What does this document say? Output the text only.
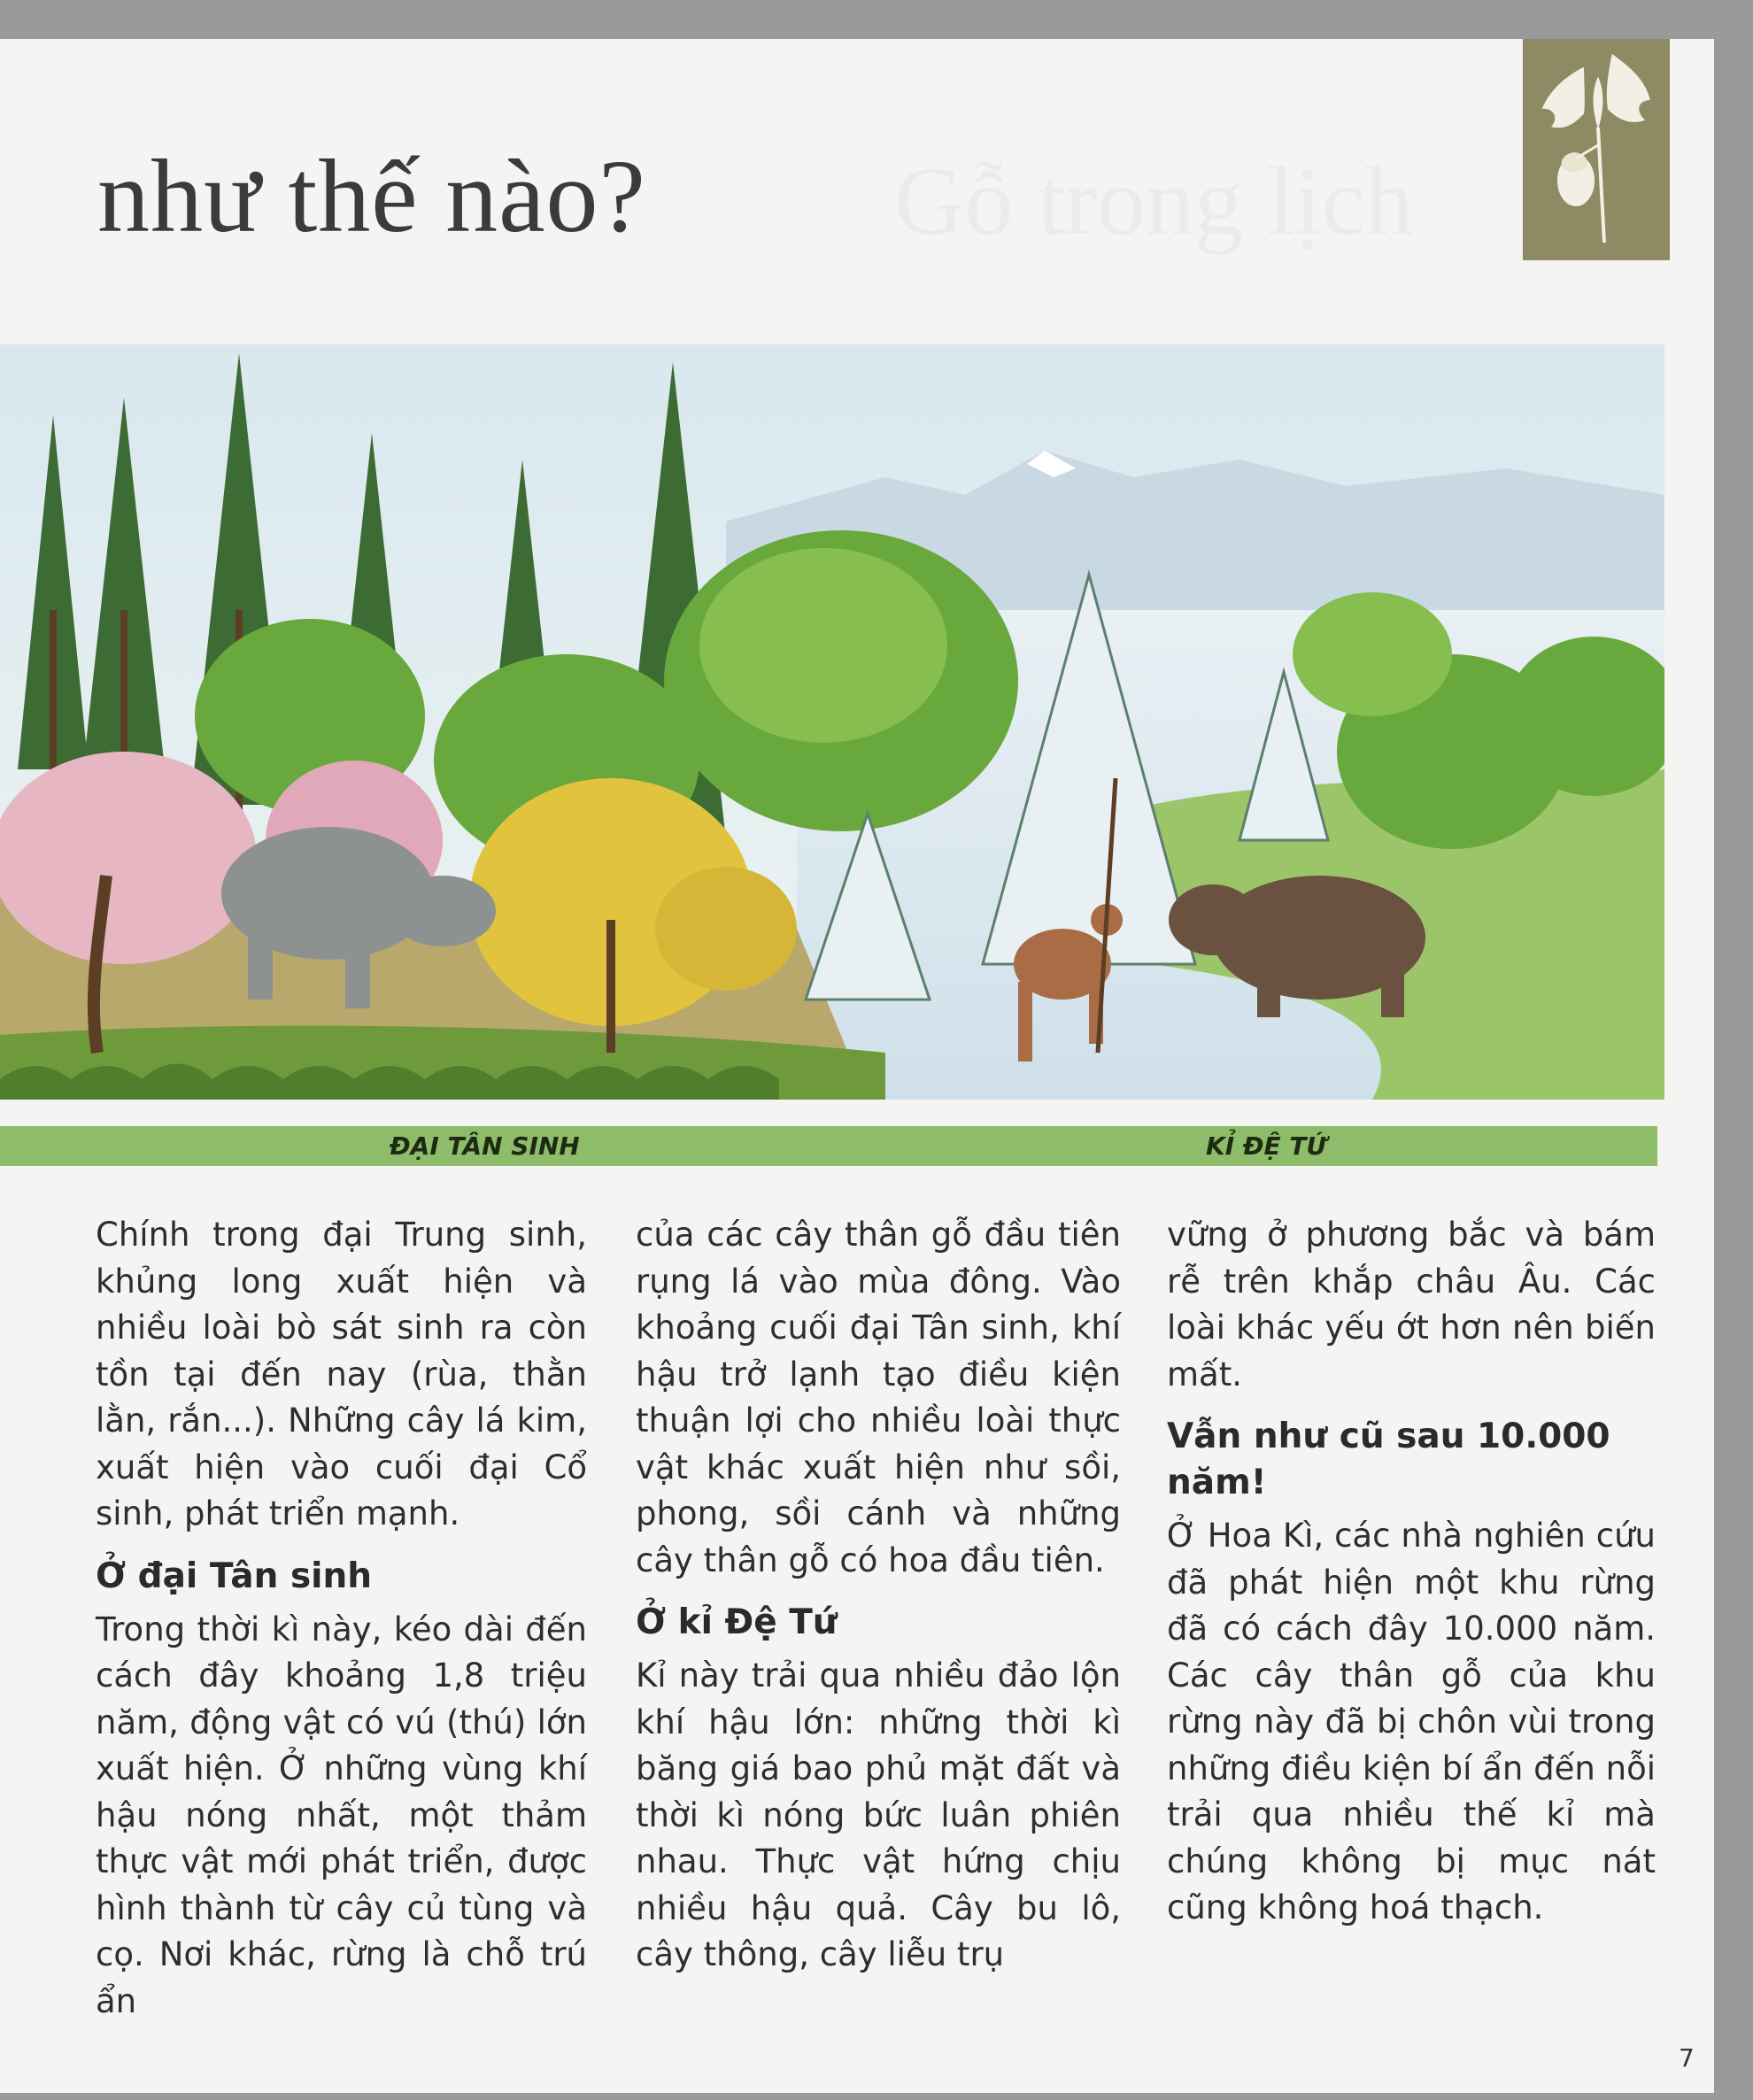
Gỗ trong lịch
như thế nào?
ĐẠI TÂN SINH	KỈ ĐỆ TỨ

Chính trong đại Trung sinh, khủng long xuất hiện và nhiều loài bò sát sinh ra còn tồn tại đến nay (rùa, thằn lằn, rắn...). Những cây lá kim, xuất hiện vào cuối đại Cổ sinh, phát triển mạnh.

Ở đại Tân sinh

Trong thời kì này, kéo dài đến cách đây khoảng 1,8 triệu năm, động vật có vú (thú) lớn xuất hiện. Ở những vùng khí hậu nóng nhất, một thảm thực vật mới phát triển, được hình thành từ cây củ tùng và cọ. Nơi khác, rừng là chỗ trú ẩn

của các cây thân gỗ đầu tiên rụng lá vào mùa đông. Vào khoảng cuối đại Tân sinh, khí hậu trở lạnh tạo điều kiện thuận lợi cho nhiều loài thực vật khác xuất hiện như sồi, phong, sồi cánh và những cây thân gỗ có hoa đầu tiên.

Ở kỉ Đệ Tứ

Kỉ này trải qua nhiều đảo lộn khí hậu lớn: những thời kì băng giá bao phủ mặt đất và thời kì nóng bức luân phiên nhau. Thực vật hứng chịu nhiều hậu quả. Cây bu lô, cây thông, cây liễu trụ

vững ở phương bắc và bám rễ trên khắp châu Âu. Các loài khác yếu ớt hơn nên biến mất.

Vẫn như cũ sau 10.000 năm!

Ở Hoa Kì, các nhà nghiên cứu đã phát hiện một khu rừng đã có cách đây 10.000 năm. Các cây thân gỗ của khu rừng này đã bị chôn vùi trong những điều kiện bí ẩn đến nỗi trải qua nhiều thế kỉ mà chúng không bị mục nát cũng không hoá thạch.

7
